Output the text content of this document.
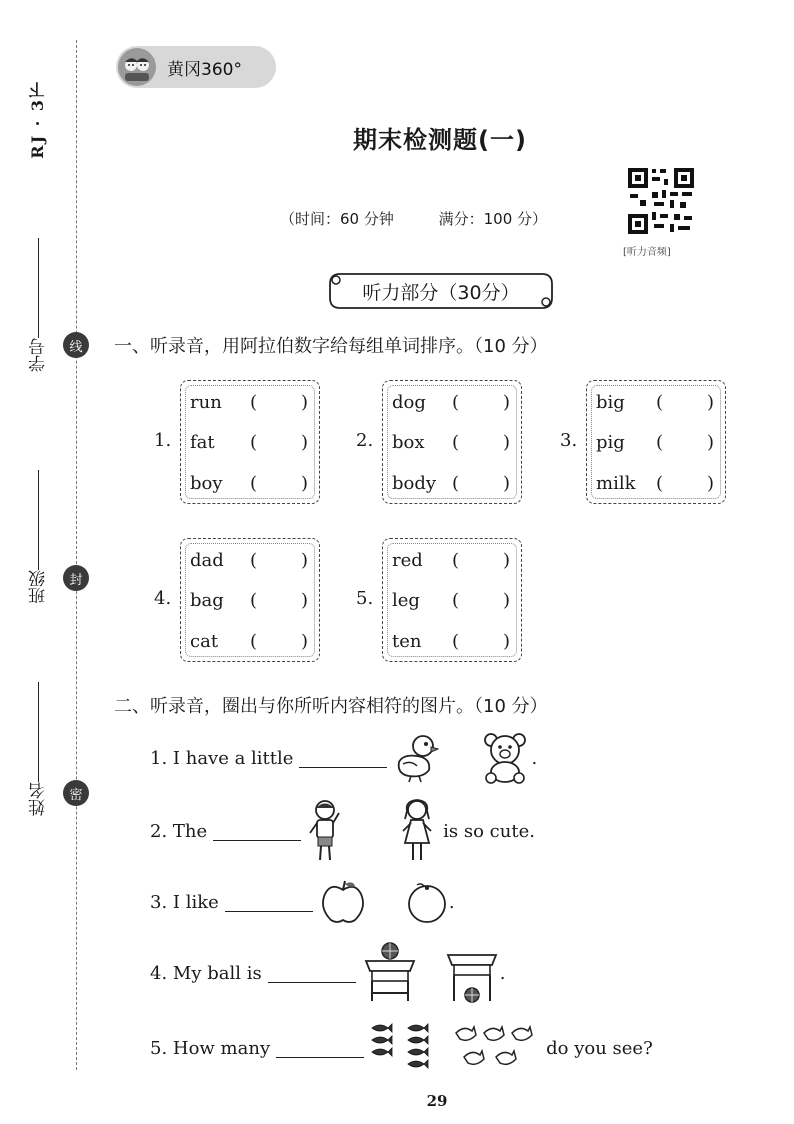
RJ · 3下
学号	线
班级	封
姓名	密
黄冈360°
期末检测题(一)
（时间：60 分钟	满分：100 分）
[听力音频]
听力部分（30分）
一、听录音，用阿拉伯数字给每组单词排序。（10 分）
1.
run	( )
fat	( )
boy	( )
2.
dog	( )
box	( )
body ( )
3.
big	( )
pig	( )
milk	( )
4.
dad	( )
bag	( )
cat	( )
5.
red	( )
leg	( )
ten	( )
二、听录音，圈出与你所听内容相符的图片。（10 分）
1. I have a little	.
2. The	is so cute.
3. I like	.
4. My ball is	.
5. How many	do you see?
29
